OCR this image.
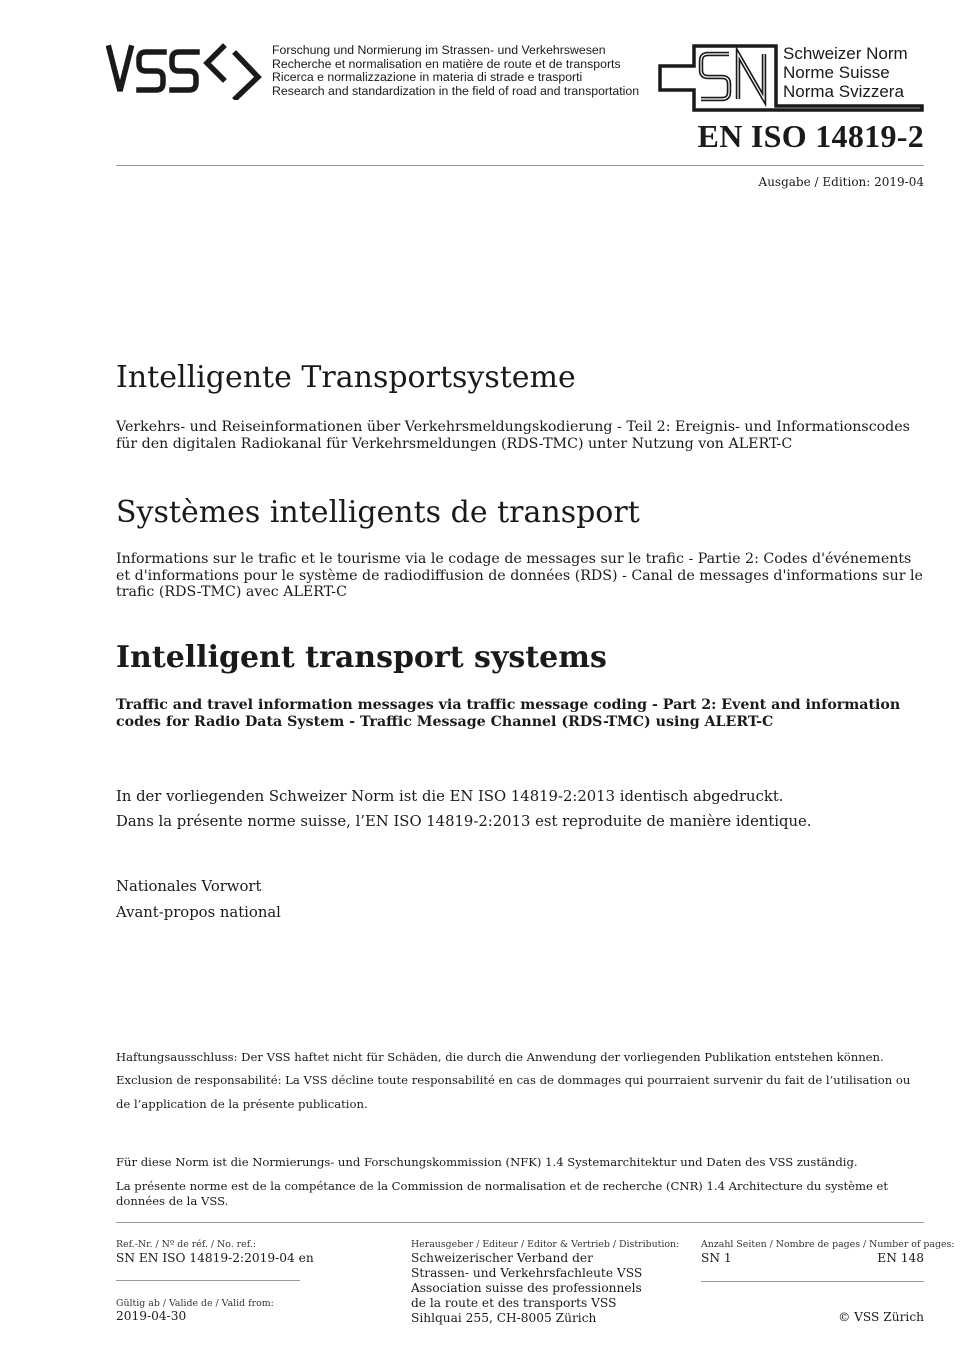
Forschung und Normierung im Strassen- und Verkehrswesen
Recherche et normalisation en matière de route et de transports
Ricerca e normalizzazione in materia di strade e trasporti
Research and standardization in the field of road and transportation
Schweizer Norm
Norme Suisse
Norma Svizzera
EN ISO 14819-2
Ausgabe / Edition: 2019-04
Intelligente Transportsysteme
Verkehrs- und Reiseinformationen über Verkehrsmeldungskodierung - Teil 2: Ereignis- und Informationscodes für den digitalen Radiokanal für Verkehrsmeldungen (RDS-TMC) unter Nutzung von ALERT-C
Systèmes intelligents de transport
Informations sur le trafic et le tourisme via le codage de messages sur le trafic - Partie 2: Codes d'événements et d'informations pour le système de radiodiffusion de données (RDS) - Canal de messages d'informations sur le trafic (RDS-TMC) avec ALERT-C
Intelligent transport systems
Traffic and travel information messages via traffic message coding - Part 2: Event and information codes for Radio Data System - Traffic Message Channel (RDS-TMC) using ALERT-C
In der vorliegenden Schweizer Norm ist die EN ISO 14819-2:2013 identisch abgedruckt.
Dans la présente norme suisse, l’EN ISO 14819-2:2013 est reproduite de manière identique.
Nationales Vorwort
Avant-propos national
Haftungsausschluss: Der VSS haftet nicht für Schäden, die durch die Anwendung der vorliegenden Publikation entstehen können.
Exclusion de responsabilité: La VSS décline toute responsabilité en cas de dommages qui pourraient survenir du fait de l’utilisation ou
de l’application de la présente publication.
Für diese Norm ist die Normierungs- und Forschungskommission (NFK) 1.4 Systemarchitektur und Daten des VSS zuständig.
La présente norme est de la compétance de la Commission de normalisation et de recherche (CNR) 1.4 Architecture du système et données de la VSS.
Ref.-Nr. / Nº de réf. / No. ref.:
SN EN ISO 14819-2:2019-04 en
Gültig ab / Valide de / Valid from:
2019-04-30
Herausgeber / Editeur / Editor & Vertrieb / Distribution:
Schweizerischer Verband der
Strassen- und Verkehrsfachleute VSS
Association suisse des professionnels
de la route et des transports VSS
Sihlquai 255, CH-8005 Zürich
Anzahl Seiten / Nombre de pages / Number of pages:
SN 1	EN 148
© VSS Zürich
